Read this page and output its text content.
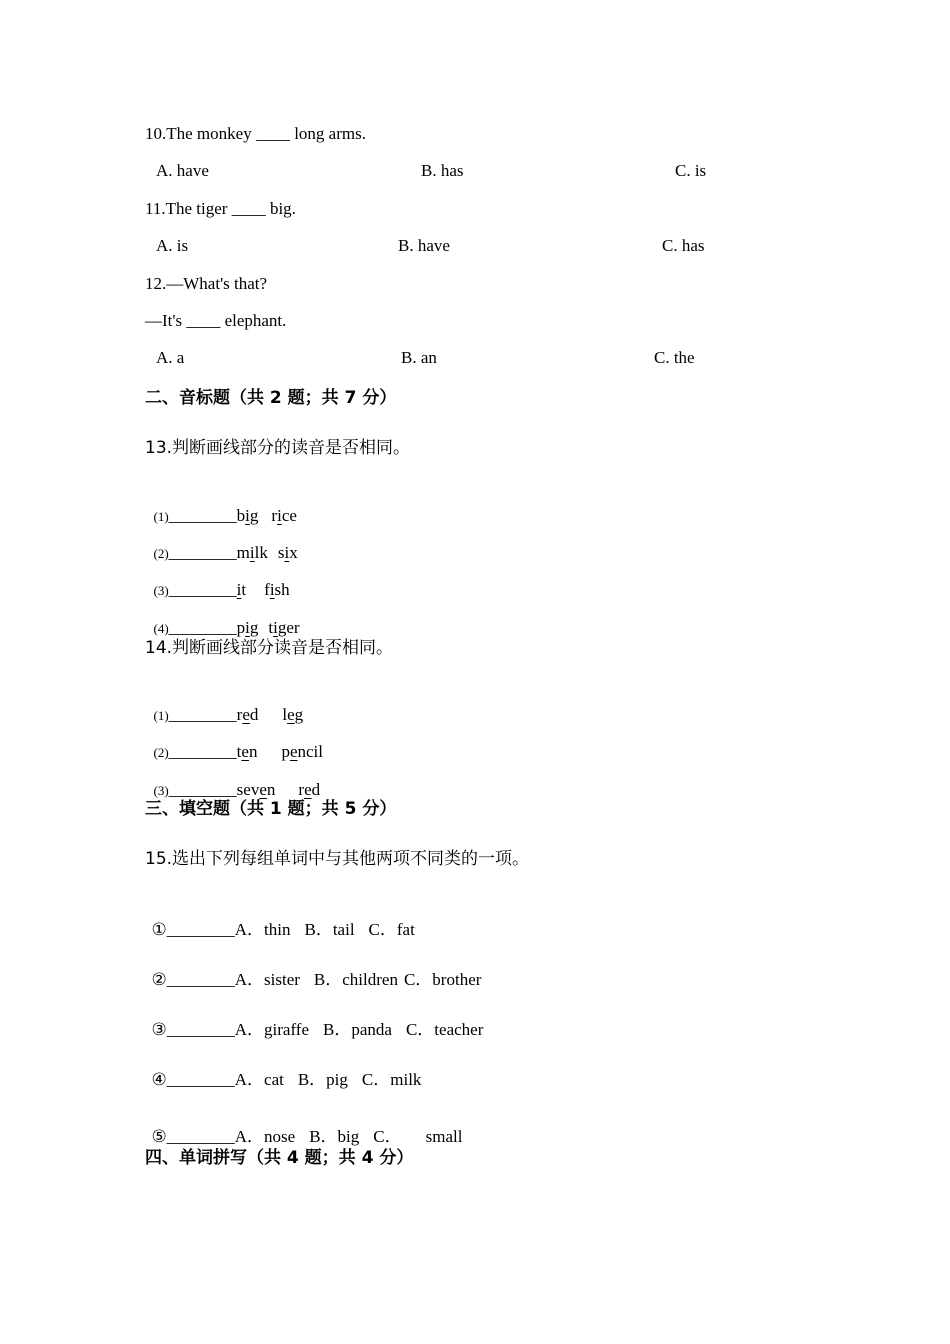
10.The monkey ____ long arms.
A. have	B. has	C. is
11.The tiger ____ big.
A. is	B. have	C. has
12.—What's that?
—It's ____ elephant.
A. a	B. an	C. the
二、音标题（共 2 题；共 7 分）
13.判断画线部分的读音是否相同。

(1)________big rice

(2)________milk six

(3)________it fish

(4)________pig tiger

14.判断画线部分读音是否相同。

(1)________red leg

(2)________ten pencil

(3)________seven red

三、填空题（共 1 题；共 5 分）
15.选出下列每组单词中与其他两项不同类的一项。

①________A．thin B．tail C．fat

②________A．sister B．children C．brother

③________A．giraffe B．panda C．teacher

④________A．cat B．pig C．milk

⑤________A．nose B．big C． small

四、单词拼写（共 4 题；共 4 分）
